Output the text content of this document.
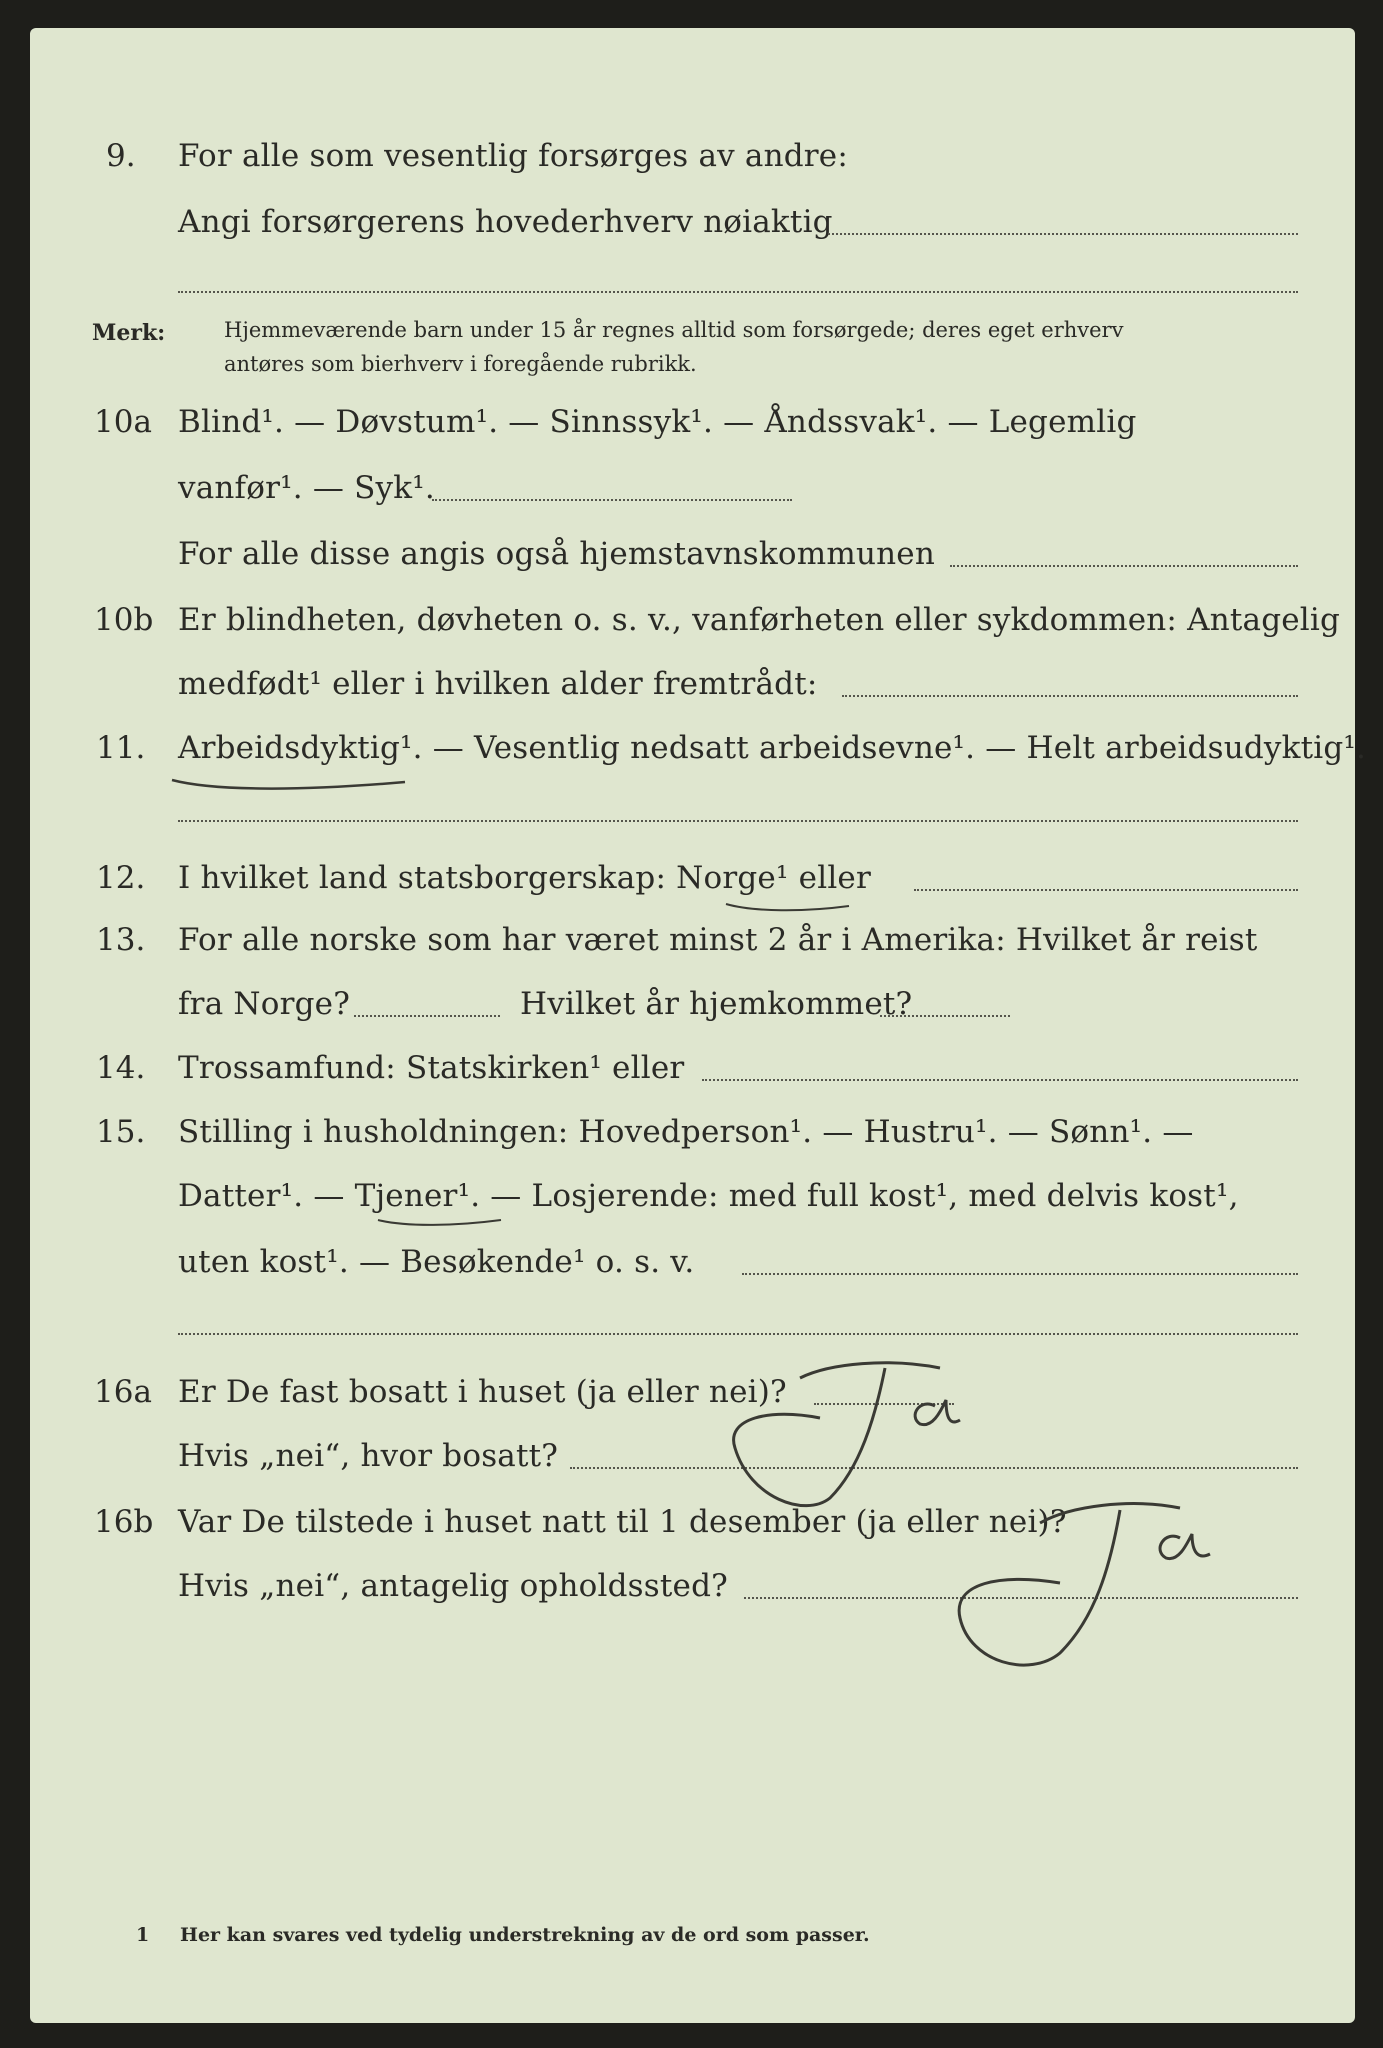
9. For alle som vesentlig forsørges av andre:
Angi forsørgerens hovederhverv nøiaktig
Merk:	Hjemmeværende barn under 15 år regnes alltid som forsørgede; deres eget erhverv
antøres som bierhverv i foregående rubrikk.
10a Blind¹. — Døvstum¹. — Sinnssyk¹. — Åndssvak¹. — Legemlig
vanfør¹. — Syk¹.
For alle disse angis også hjemstavnskommunen
10b Er blindheten, døvheten o. s. v., vanførheten eller sykdommen: Antagelig
medfødt¹ eller i hvilken alder fremtrådt:
11. Arbeidsdyktig¹. — Vesentlig nedsatt arbeidsevne¹. — Helt arbeidsudyktig¹.
12. I hvilket land statsborgerskap: Norge¹ eller
13. For alle norske som har været minst 2 år i Amerika: Hvilket år reist
fra Norge?	Hvilket år hjemkommet?
14. Trossamfund: Statskirken¹ eller
15. Stilling i husholdningen: Hovedperson¹. — Hustru¹. — Sønn¹. —
Datter¹. — Tjener¹. — Losjerende: med full kost¹, med delvis kost¹,
uten kost¹. — Besøkende¹ o. s. v.
16a Er De fast bosatt i huset (ja eller nei)?
Hvis „nei“, hvor bosatt?
16b Var De tilstede i huset natt til 1 desember (ja eller nei)?
Hvis „nei“, antagelig opholdssted?
1 Her kan svares ved tydelig understrekning av de ord som passer.
